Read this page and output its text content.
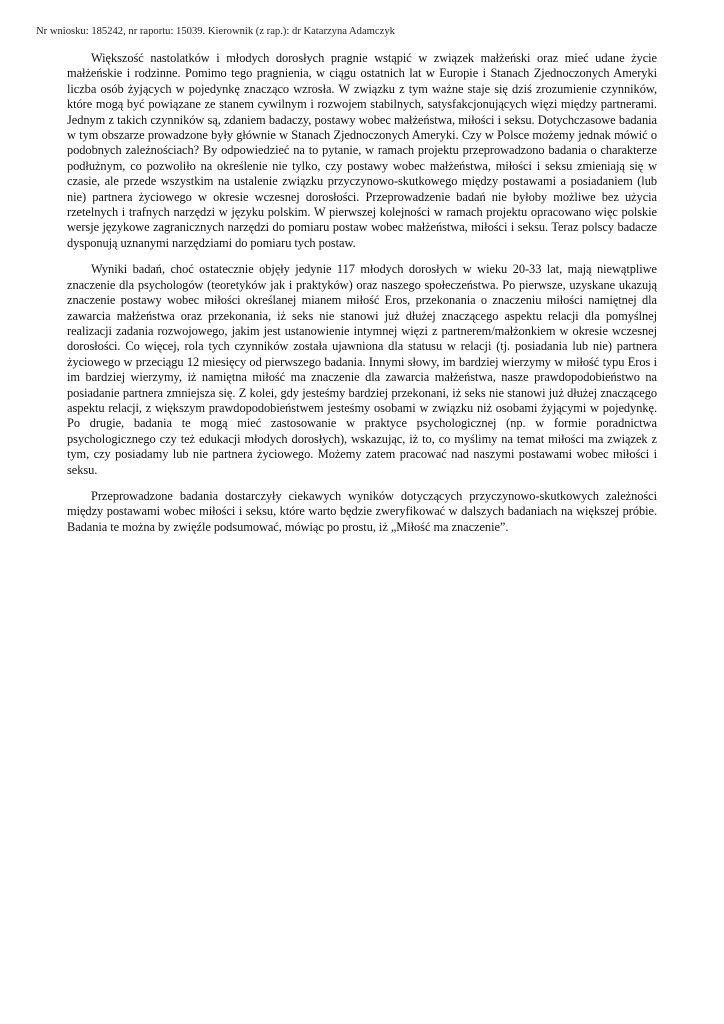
Nr wniosku: 185242, nr raportu: 15039. Kierownik (z rap.): dr Katarzyna Adamczyk

Większość nastolatków i młodych dorosłych pragnie wstąpić w związek małżeński oraz mieć udane życie małżeńskie i rodzinne. Pomimo tego pragnienia, w ciągu ostatnich lat w Europie i Stanach Zjednoczonych Ameryki liczba osób żyjących w pojedynkę znacząco wzrosła. W związku z tym ważne staje się dziś zrozumienie czynników, które mogą być powiązane ze stanem cywilnym i rozwojem stabilnych, satysfakcjonujących więzi między partnerami. Jednym z takich czynników są, zdaniem badaczy, postawy wobec małżeństwa, miłości i seksu. Dotychczasowe badania w tym obszarze prowadzone były głównie w Stanach Zjednoczonych Ameryki. Czy w Polsce możemy jednak mówić o podobnych zależnościach? By odpowiedzieć na to pytanie, w ramach projektu przeprowadzono badania o charakterze podłużnym, co pozwoliło na określenie nie tylko, czy postawy wobec małżeństwa, miłości i seksu zmieniają się w czasie, ale przede wszystkim na ustalenie związku przyczynowo-skutkowego między postawami a posiadaniem (lub nie) partnera życiowego w okresie wczesnej dorosłości. Przeprowadzenie badań nie byłoby możliwe bez użycia rzetelnych i trafnych narzędzi w języku polskim. W pierwszej kolejności w ramach projektu opracowano więc polskie wersje językowe zagranicznych narzędzi do pomiaru postaw wobec małżeństwa, miłości i seksu. Teraz polscy badacze dysponują uznanymi narzędziami do pomiaru tych postaw.

Wyniki badań, choć ostatecznie objęły jedynie 117 młodych dorosłych w wieku 20-33 lat, mają niewątpliwe znaczenie dla psychologów (teoretyków jak i praktyków) oraz naszego społeczeństwa. Po pierwsze, uzyskane ukazują znaczenie postawy wobec miłości określanej mianem miłość Eros, przekonania o znaczeniu miłości namiętnej dla zawarcia małżeństwa oraz przekonania, iż seks nie stanowi już dłużej znaczącego aspektu relacji dla pomyślnej realizacji zadania rozwojowego, jakim jest ustanowienie intymnej więzi z partnerem/małżonkiem w okresie wczesnej dorosłości. Co więcej, rola tych czynników została ujawniona dla statusu w relacji (tj. posiadania lub nie) partnera życiowego w przeciągu 12 miesięcy od pierwszego badania. Innymi słowy, im bardziej wierzymy w miłość typu Eros i im bardziej wierzymy, iż namiętna miłość ma znaczenie dla zawarcia małżeństwa, nasze prawdopodobieństwo na posiadanie partnera zmniejsza się. Z kolei, gdy jesteśmy bardziej przekonani, iż seks nie stanowi już dłużej znaczącego aspektu relacji, z większym prawdopodobieństwem jesteśmy osobami w związku niż osobami żyjącymi w pojedynkę. Po drugie, badania te mogą mieć zastosowanie w praktyce psychologicznej (np. w formie poradnictwa psychologicznego czy też edukacji młodych dorosłych), wskazując, iż to, co myślimy na temat miłości ma związek z tym, czy posiadamy lub nie partnera życiowego. Możemy zatem pracować nad naszymi postawami wobec miłości i seksu.

Przeprowadzone badania dostarczyły ciekawych wyników dotyczących przyczynowo-skutkowych zależności między postawami wobec miłości i seksu, które warto będzie zweryfikować w dalszych badaniach na większej próbie. Badania te można by zwięźle podsumować, mówiąc po prostu, iż „Miłość ma znaczenie”.
